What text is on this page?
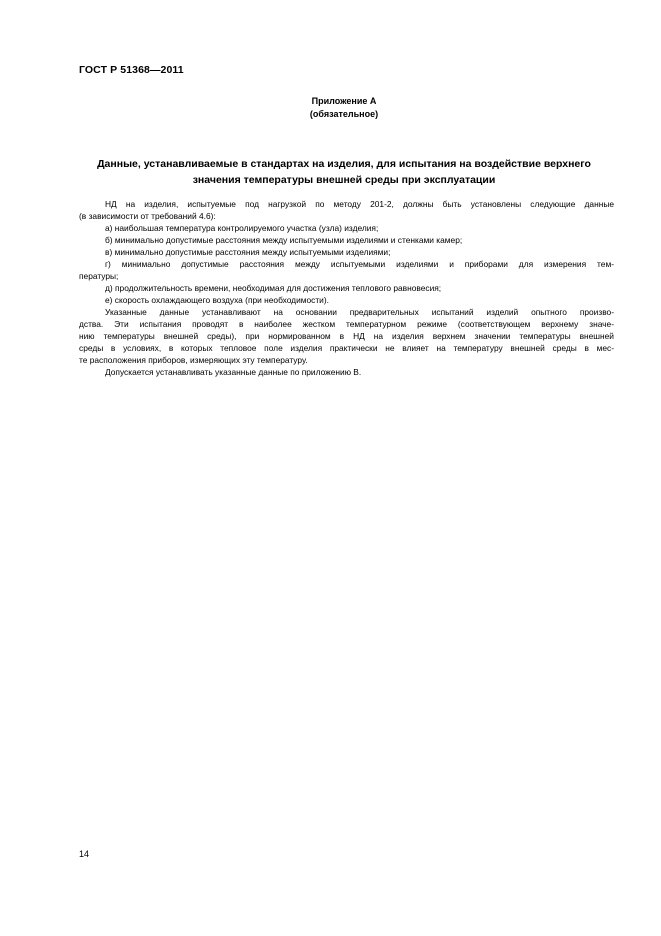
ГОСТ Р 51368—2011
Приложение А
(обязательное)
Данные, устанавливаемые в стандартах на изделия, для испытания на воздействие верхнего
значения температуры внешней среды при эксплуатации
НД на изделия, испытуемые под нагрузкой по методу 201-2, должны быть установлены следующие данные
(в зависимости от требований 4.6):
а) наибольшая температура контролируемого участка (узла) изделия;
б) минимально допустимые расстояния между испытуемыми изделиями и стенками камер;
в) минимально допустимые расстояния между испытуемыми изделиями;
г) минимально допустимые расстояния между испытуемыми изделиями и приборами для измерения тем-
пературы;
д) продолжительность времени, необходимая для достижения теплового равновесия;
е) скорость охлаждающего воздуха (при необходимости).
Указанные данные устанавливают на основании предварительных испытаний изделий опытного произво-
дства. Эти испытания проводят в наиболее жестком температурном режиме (соответствующем верхнему значе-
нию температуры внешней среды), при нормированном в НД на изделия верхнем значении температуры внешней
среды в условиях, в которых тепловое поле изделия практически не влияет на температуру внешней среды в мес-
те расположения приборов, измеряющих эту температуру.
Допускается устанавливать указанные данные по приложению В.
14
